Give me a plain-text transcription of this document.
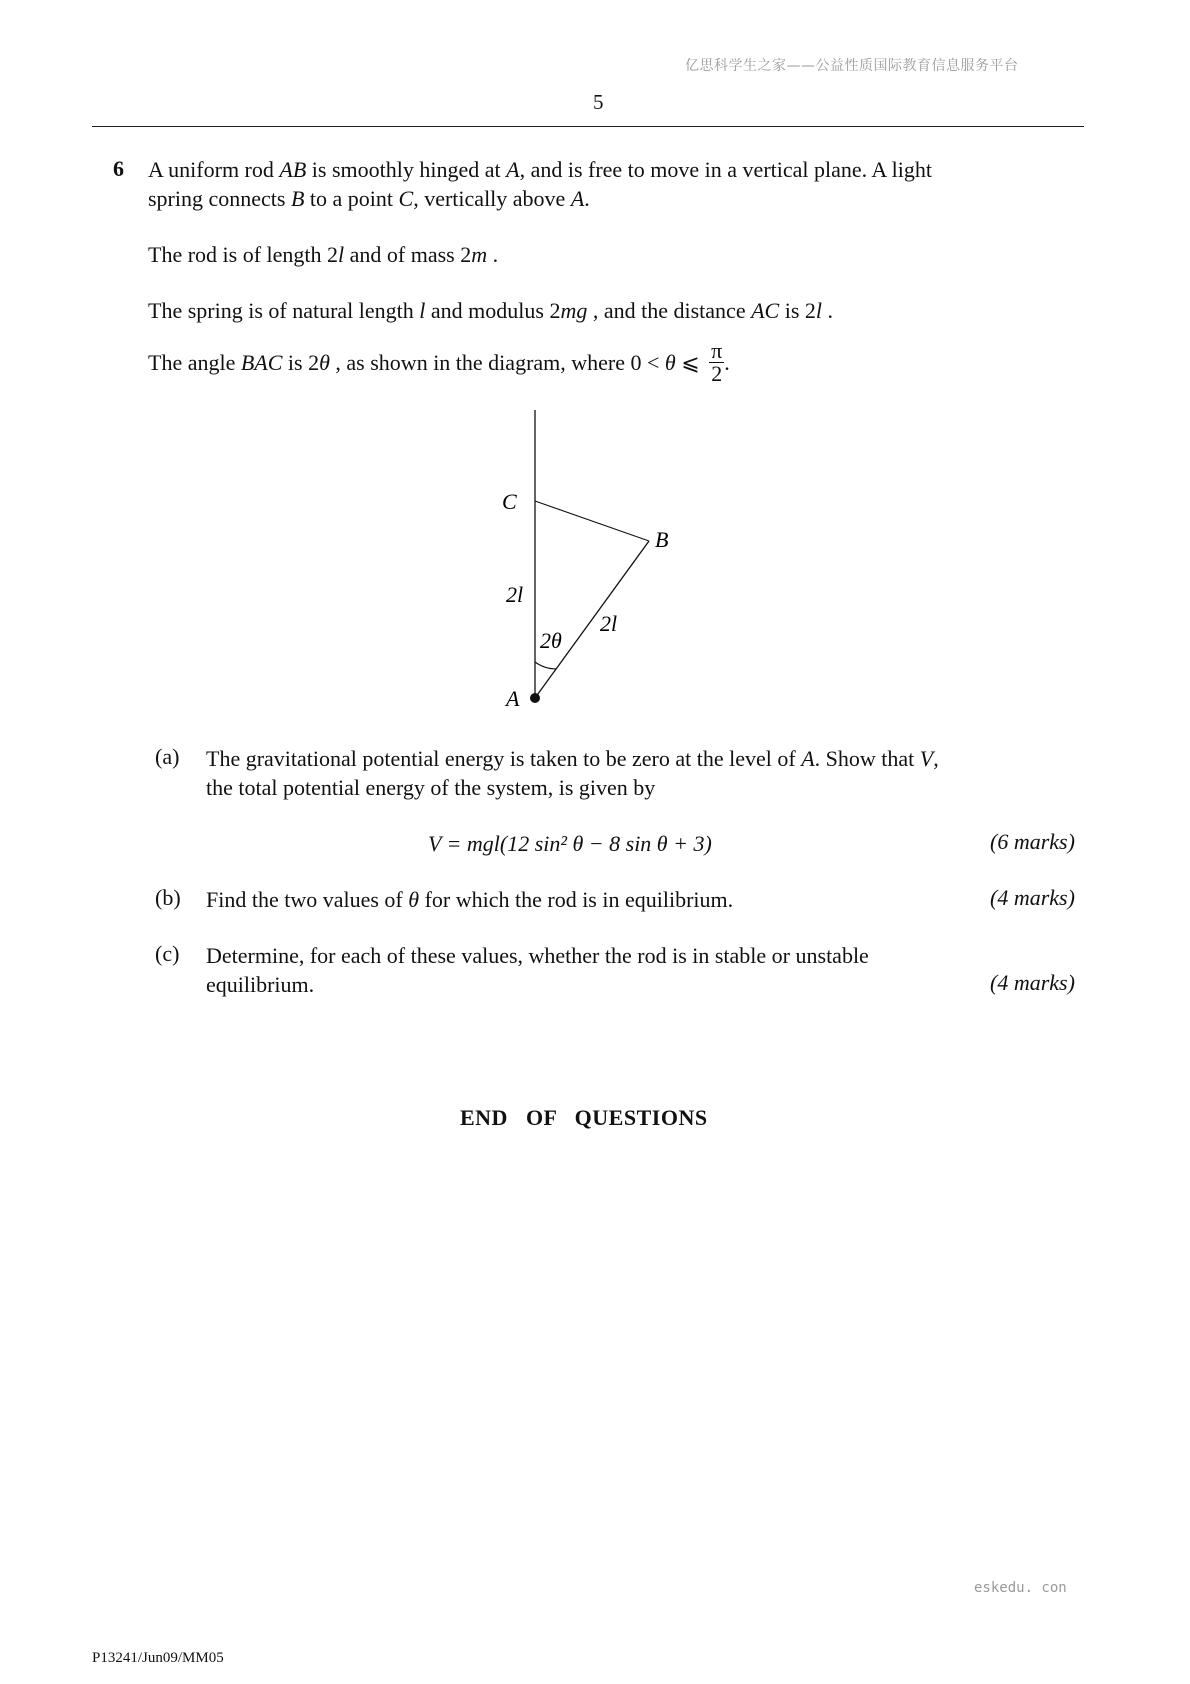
亿思科学生之家——公益性质国际教育信息服务平台
5
6 A uniform rod AB is smoothly hinged at A, and is free to move in a vertical plane. A light
spring connects B to a point C, vertically above A.
The rod is of length 2l and of mass 2m .
The spring is of natural length l and modulus 2mg , and the distance AC is 2l .
The angle BAC is 2θ , as shown in the diagram, where 0 < θ ⩽ $\frac{\pi}{2}$ .
C
B
A
2l
2l
2θ
(a) The gravitational potential energy is taken to be zero at the level of A. Show that V,
the total potential energy of the system, is given by
V = mgl(12 sin² θ − 8 sin θ + 3)	(6 marks)
(b) Find the two values of θ for which the rod is in equilibrium.	(4 marks)
(c) Determine, for each of these values, whether the rod is in stable or unstable
equilibrium.	(4 marks)
END OF QUESTIONS
eskedu. con
P13241/Jun09/MM05
